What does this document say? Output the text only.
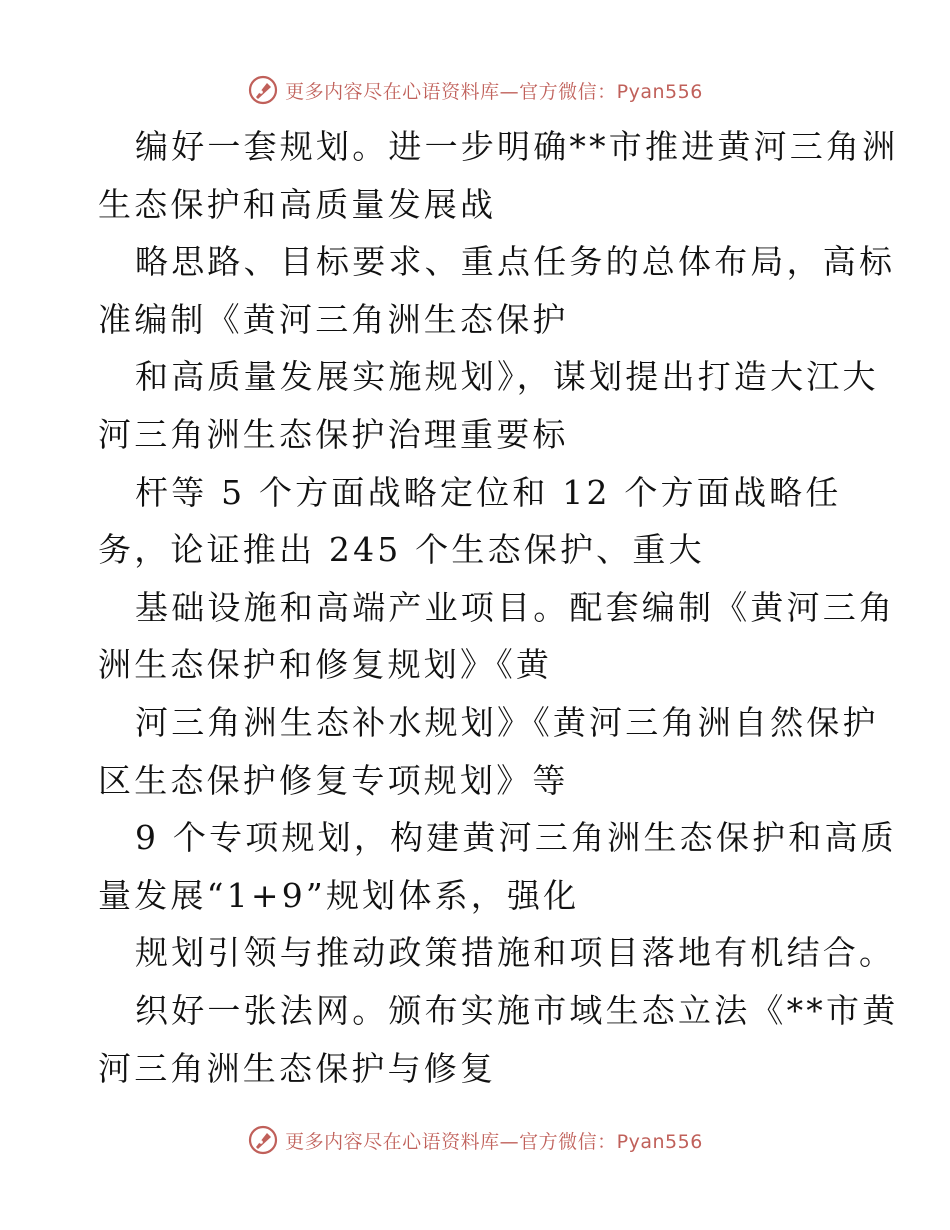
更多内容尽在心语资料库—官方微信：Pyan556
编好一套规划。进一步明确**市推进黄河三角洲
生态保护和高质量发展战
略思路、目标要求、重点任务的总体布局，高标
准编制《黄河三角洲生态保护
和高质量发展实施规划》，谋划提出打造大江大
河三角洲生态保护治理重要标
杆等 5 个方面战略定位和 12 个方面战略任
务，论证推出 245 个生态保护、重大
基础设施和高端产业项目。配套编制《黄河三角
洲生态保护和修复规划》《黄
河三角洲生态补水规划》《黄河三角洲自然保护
区生态保护修复专项规划》等
9 个专项规划，构建黄河三角洲生态保护和高质
量发展“1+9”规划体系，强化
规划引领与推动政策措施和项目落地有机结合。
织好一张法网。颁布实施市域生态立法《**市黄
河三角洲生态保护与修复
更多内容尽在心语资料库—官方微信：Pyan556
